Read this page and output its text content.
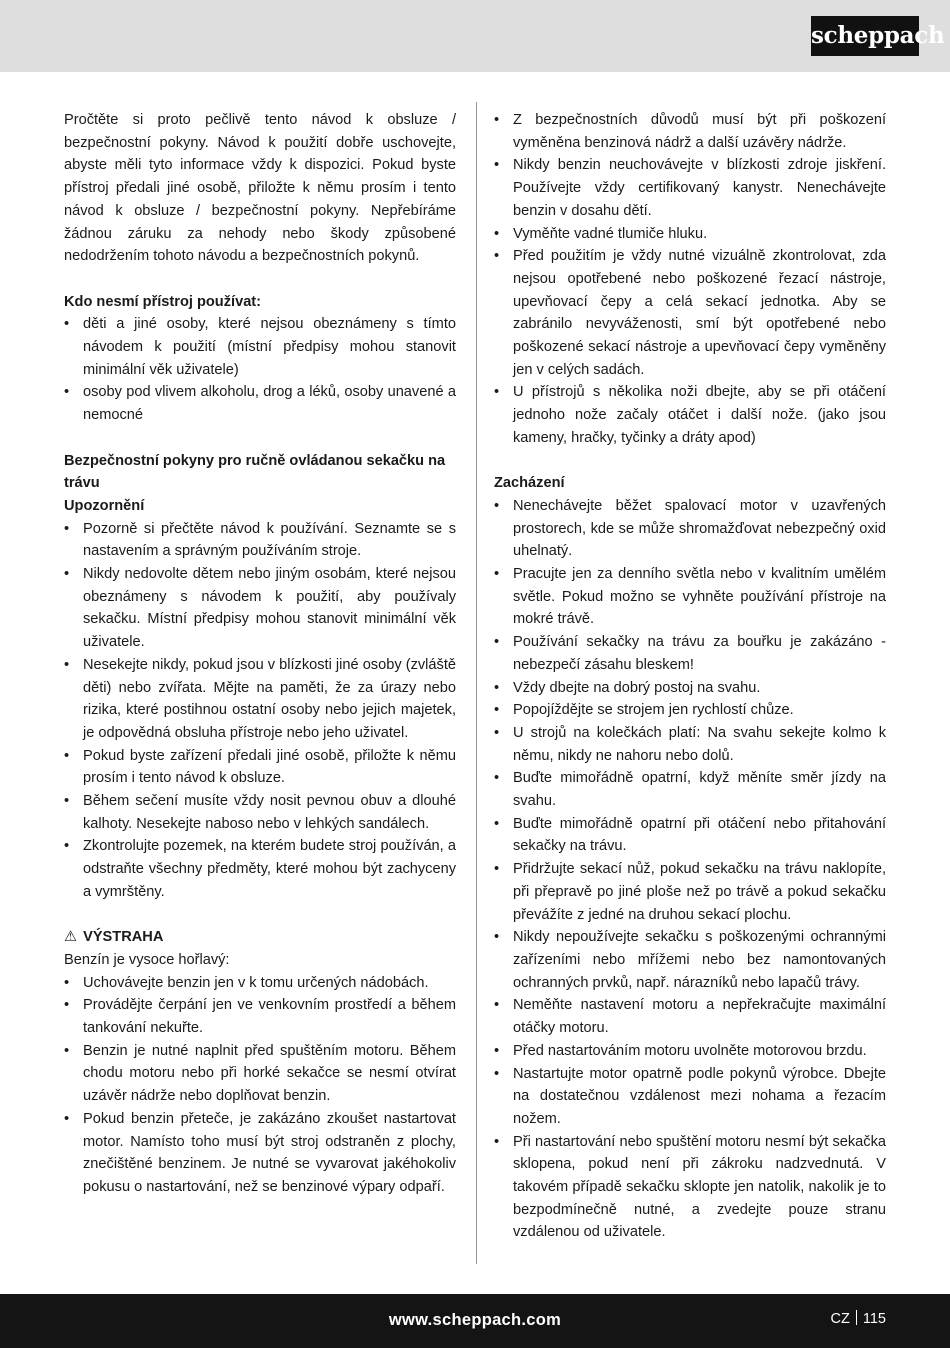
scheppach

Pročtěte si proto pečlivě tento návod k obsluze / bezpečnostní pokyny. Návod k použití dobře uschovejte, abyste měli tyto informace vždy k dispozici. Pokud byste přístroj předali jiné osobě, přiložte k němu prosím i tento návod k obsluze / bezpečnostní pokyny. Nepřebíráme žádnou záruku za nehody nebo škody způsobené nedodržením tohoto návodu a bezpečnostních pokynů.

Kdo nesmí přístroj používat:

• děti a jiné osoby, které nejsou obeznámeny s tímto návodem k použití (místní předpisy mohou stanovit minimální věk uživatele)
• osoby pod vlivem alkoholu, drog a léků, osoby unavené a nemocné

Bezpečnostní pokyny pro ručně ovládanou sekačku na trávu

Upozornění

• Pozorně si přečtěte návod k používání. Seznamte se s nastavením a správným používáním stroje.
• Nikdy nedovolte dětem nebo jiným osobám, které nejsou obeznámeny s návodem k použití, aby používaly sekačku. Místní předpisy mohou stanovit minimální věk uživatele.
• Nesekejte nikdy, pokud jsou v blízkosti jiné osoby (zvláště děti) nebo zvířata. Mějte na paměti, že za úrazy nebo rizika, které postihnou ostatní osoby nebo jejich majetek, je odpovědná obsluha přístroje nebo jeho uživatel.
• Pokud byste zařízení předali jiné osobě, přiložte k němu prosím i tento návod k obsluze.
• Během sečení musíte vždy nosit pevnou obuv a dlouhé kalhoty. Nesekejte naboso nebo v lehkých sandálech.
• Zkontrolujte pozemek, na kterém budete stroj používán, a odstraňte všechny předměty, které mohou být zachyceny a vymrštěny.

⚠ VÝSTRAHA

Benzín je vysoce hořlavý:

• Uchovávejte benzin jen v k tomu určených nádobách.
• Provádějte čerpání jen ve venkovním prostředí a během tankování nekuřte.
• Benzin je nutné naplnit před spuštěním motoru. Během chodu motoru nebo při horké sekačce se nesmí otvírat uzávěr nádrže nebo doplňovat benzin.
• Pokud benzin přeteče, je zakázáno zkoušet nastartovat motor. Namísto toho musí být stroj odstraněn z plochy, znečištěné benzinem. Je nutné se vyvarovat jakéhokoliv pokusu o nastartování, než se benzinové výpary odpaří.
• Z bezpečnostních důvodů musí být při poškození vyměněna benzinová nádrž a další uzávěry nádrže.
• Nikdy benzin neuchovávejte v blízkosti zdroje jiskření. Používejte vždy certifikovaný kanystr. Nenechávejte benzin v dosahu dětí.
• Vyměňte vadné tlumiče hluku.
• Před použitím je vždy nutné vizuálně zkontrolovat, zda nejsou opotřebené nebo poškozené řezací nástroje, upevňovací čepy a celá sekací jednotka. Aby se zabránilo nevyváženosti, smí být opotřebené nebo poškozené sekací nástroje a upevňovací čepy vyměněny jen v celých sadách.
• U přístrojů s několika noži dbejte, aby se při otáčení jednoho nože začaly otáčet i další nože. (jako jsou kameny, hračky, tyčinky a dráty apod)

Zacházení

• Nenechávejte běžet spalovací motor v uzavřených prostorech, kde se může shromažďovat nebezpečný oxid uhelnatý.
• Pracujte jen za denního světla nebo v kvalitním umělém světle. Pokud možno se vyhněte používání přístroje na mokré trávě.
• Používání sekačky na trávu za bouřku je zakázáno - nebezpečí zásahu bleskem!
• Vždy dbejte na dobrý postoj na svahu.
• Popojíždějte se strojem jen rychlostí chůze.
• U strojů na kolečkách platí: Na svahu sekejte kolmo k němu, nikdy ne nahoru nebo dolů.
• Buďte mimořádně opatrní, když měníte směr jízdy na svahu.
• Buďte mimořádně opatrní při otáčení nebo přitahování sekačky na trávu.
• Přidržujte sekací nůž, pokud sekačku na trávu naklopíte, při přepravě po jiné ploše než po trávě a pokud sekačku převážíte z jedné na druhou sekací plochu.
• Nikdy nepoužívejte sekačku s poškozenými ochrannými zařízeními nebo mřížemi nebo bez namontovaných ochranných prvků, např. nárazníků nebo lapačů trávy.
• Neměňte nastavení motoru a nepřekračujte maximální otáčky motoru.
• Před nastartováním motoru uvolněte motorovou brzdu.
• Nastartujte motor opatrně podle pokynů výrobce. Dbejte na dostatečnou vzdálenost mezi nohama a řezacím nožem.
• Při nastartování nebo spuštění motoru nesmí být sekačka sklopena, pokud není při zákroku nadzvednutá. V takovém případě sekačku sklopte jen natolik, nakolik je to bezpodmínečně nutné, a zvedejte pouze stranu vzdálenou od uživatele.
www.scheppach.com	CZ 115
